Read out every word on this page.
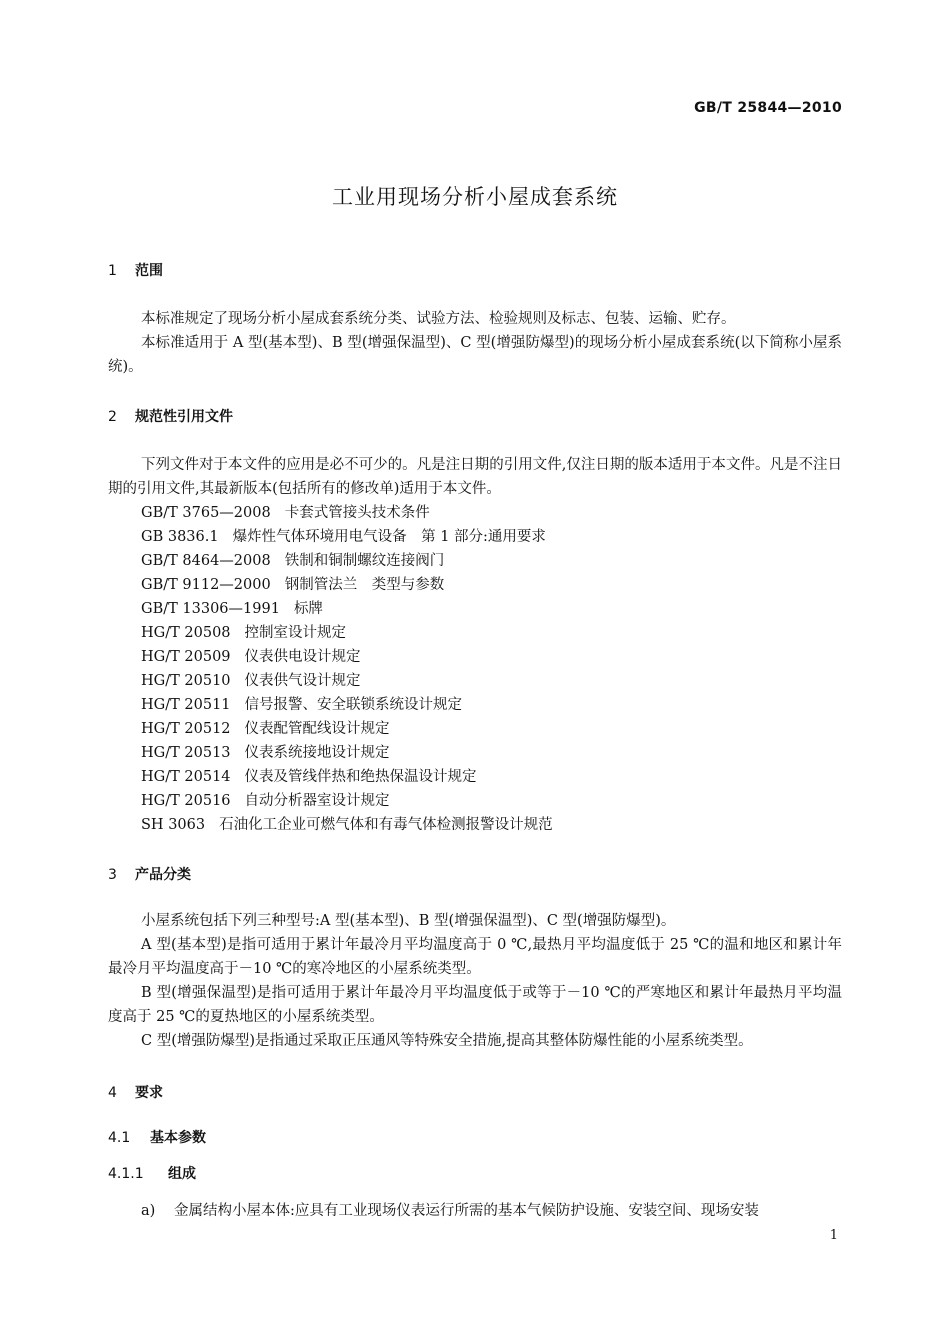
GB/T 25844—2010
工业用现场分析小屋成套系统
1 范围
本标准规定了现场分析小屋成套系统分类、试验方法、检验规则及标志、包装、运输、贮存。
本标准适用于 A 型(基本型)、B 型(增强保温型)、C 型(增强防爆型)的现场分析小屋成套系统(以下简称小屋系统)。
2 规范性引用文件
下列文件对于本文件的应用是必不可少的。凡是注日期的引用文件,仅注日期的版本适用于本文件。凡是不注日期的引用文件,其最新版本(包括所有的修改单)适用于本文件。
GB/T 3765—2008 卡套式管接头技术条件
GB 3836.1 爆炸性气体环境用电气设备　第 1 部分:通用要求
GB/T 8464—2008 铁制和铜制螺纹连接阀门
GB/T 9112—2000 钢制管法兰　类型与参数
GB/T 13306—1991 标牌
HG/T 20508 控制室设计规定
HG/T 20509 仪表供电设计规定
HG/T 20510 仪表供气设计规定
HG/T 20511 信号报警、安全联锁系统设计规定
HG/T 20512 仪表配管配线设计规定
HG/T 20513 仪表系统接地设计规定
HG/T 20514 仪表及管线伴热和绝热保温设计规定
HG/T 20516 自动分析器室设计规定
SH 3063 石油化工企业可燃气体和有毒气体检测报警设计规范
3 产品分类
小屋系统包括下列三种型号:A 型(基本型)、B 型(增强保温型)、C 型(增强防爆型)。
A 型(基本型)是指可适用于累计年最冷月平均温度高于 0 ℃,最热月平均温度低于 25 ℃的温和地区和累计年最冷月平均温度高于－10 ℃的寒冷地区的小屋系统类型。
B 型(增强保温型)是指可适用于累计年最冷月平均温度低于或等于－10 ℃的严寒地区和累计年最热月平均温度高于 25 ℃的夏热地区的小屋系统类型。
C 型(增强防爆型)是指通过采取正压通风等特殊安全措施,提高其整体防爆性能的小屋系统类型。
4 要求
4.1 基本参数
4.1.1 组成
a) 金属结构小屋本体:应具有工业现场仪表运行所需的基本气候防护设施、安装空间、现场安装
1
